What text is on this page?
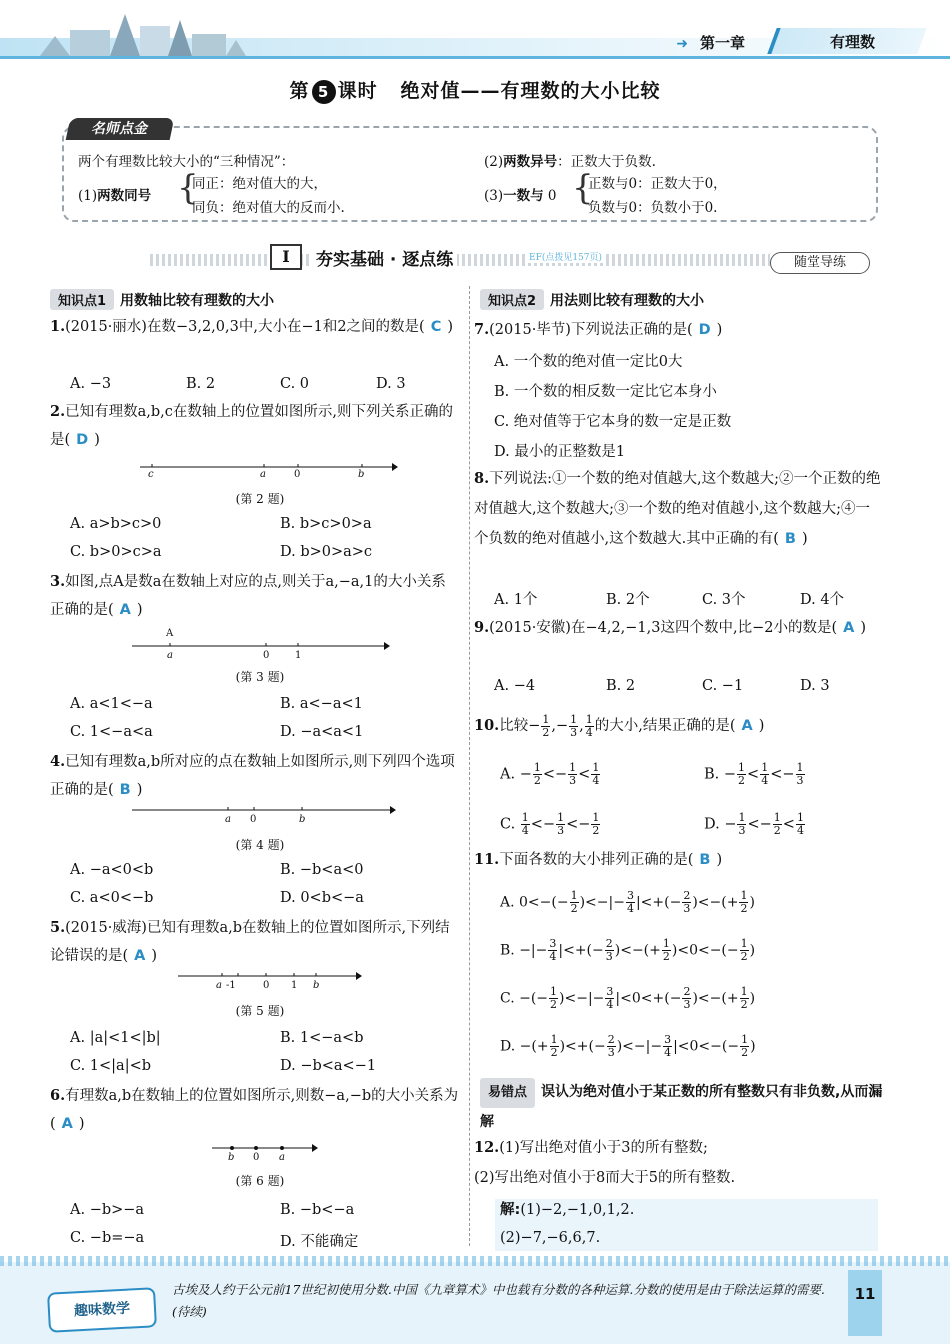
➜ 第一章	有理数
第 5 课时 绝对值——有理数的大小比较
名师点金
两个有理数比较大小的“三种情况”：
(1)两数同号 {
同正：绝对值大的大，
同负：绝对值大的反而小.
(2)两数异号：正数大于负数.
(3)一数与 0 {
正数与0：正数大于0，
负数与0：负数小于0.
I	夯实基础 · 逐点练	EF(点拨见157页)	随堂导练
知识点1 用数轴比较有理数的大小
1.(2015·丽水)在数−3,2,0,3中,大小在−1和2之间的数是( C )
A. −3	B. 2	C. 0	D. 3
2.已知有理数a,b,c在数轴上的位置如图所示,则下列关系正确的是( D )
c	a	0	b
(第 2 题)
A. a>b>c>0	B. b>c>0>a
C. b>0>c>a	D. b>0>a>c
3.如图,点A是数a在数轴上对应的点,则关于a,−a,1的大小关系正确的是( A )
A
a	0	1
(第 3 题)
A. a<1<−a	B. a<−a<1
C. 1<−a<a	D. −a<a<1
4.已知有理数a,b所对应的点在数轴上如图所示,则下列四个选项正确的是( B )
a 0	b
(第 4 题)
A. −a<0<b	B. −b<a<0
C. a<0<−b	D. 0<b<−a
5.(2015·威海)已知有理数a,b在数轴上的位置如图所示,下列结论错误的是( A )
a -1	0 1 b
(第 5 题)
A. |a|<1<|b|	B. 1<−a<b
C. 1<|a|<b	D. −b<a<−1
6.有理数a,b在数轴上的位置如图所示,则数−a,−b的大小关系为( A )
b 0 a
(第 6 题)
A. −b>−a	B. −b<−a
C. −b=−a	D. 不能确定
知识点2 用法则比较有理数的大小
7.(2015·毕节)下列说法正确的是( D )
A. 一个数的绝对值一定比0大
B. 一个数的相反数一定比它本身小
C. 绝对值等于它本身的数一定是正数
D. 最小的正整数是1
8.下列说法:①一个数的绝对值越大,这个数越大;②一个正数的绝对值越大,这个数越大;③一个数的绝对值越小,这个数越大;④一个负数的绝对值越小,这个数越大.其中正确的有( B )
A. 1个	B. 2个	C. 3个	D. 4个
9.(2015·安徽)在−4,2,−1,3这四个数中,比−2小的数是( A )
A. −4	B. 2	C. −1	D. 3
10.比较− $\frac{1}{2}$ ,− $\frac{1}{3}$ , $\frac{1}{4}$ 的大小,结果正确的是( A )
A. − $\frac{1}{2} <- \frac{1}{3} < \frac{1}{4}$	B. − $\frac{1}{2} < \frac{1}{4} <- \frac{1}{3}$
C. $\frac{1}{4} <- \frac{1}{3} <- \frac{1}{2}$	D. − $\frac{1}{3} <- \frac{1}{2} < \frac{1}{4}$
11.下面各数的大小排列正确的是( B )
A. $0<-(- \frac{1}{2}$ )<−|− $\frac{3}{4}$ |<+(− $\frac{2}{3}$ )<−(+ $\frac{1}{2}$ )
B. −|− $\frac{3}{4}$ |<+(− $\frac{2}{3}$ )<−(+ $\frac{1}{2} )<0<-(- \frac{1}{2}$ )
C. −(− $\frac{1}{2}$ )<−|− $\frac{3}{4} |<0<+(- \frac{2}{3}$ )<−(+ $\frac{1}{2}$ )
D. −(+ $\frac{1}{2}$ )<+(− $\frac{2}{3}$ )<−|− $\frac{3}{4} |<0<-(- \frac{1}{2}$ )
易错点 误认为绝对值小于某正数的所有整数只有非负数,从而漏解
12.(1)写出绝对值小于3的所有整数;
(2)写出绝对值小于8而大于5的所有整数.
解:(1)−2,−1,0,1,2.
(2)−7,−6,6,7.
趣味数学
古埃及人约于公元前17世纪初使用分数.中国《九章算术》中也载有分数的各种运算.分数的使用是由于除法运算的需要.(待续)
11
